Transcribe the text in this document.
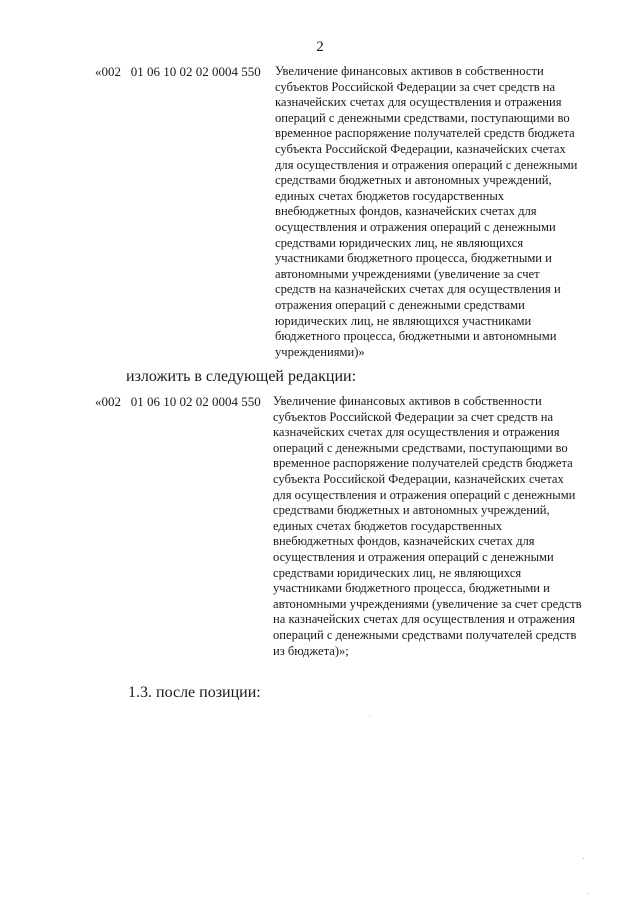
2
«002   01 06 10 02 02 0004 550 Увеличение финансовых активов в собственности
субъектов Российской Федерации за счет средств на
казначейских счетах для осуществления и отражения
операций с денежными средствами, поступающими во
временное распоряжение получателей средств бюджета
субъекта Российской Федерации, казначейских счетах
для осуществления и отражения операций с денежными
средствами бюджетных и автономных учреждений,
единых счетах бюджетов государственных
внебюджетных фондов, казначейских счетах для
осуществления и отражения операций с денежными
средствами юридических лиц, не являющихся
участниками бюджетного процесса, бюджетными и
автономными учреждениями (увеличение за счет
средств на казначейских счетах для осуществления и
отражения операций с денежными средствами
юридических лиц, не являющихся участниками
бюджетного процесса, бюджетными и автономными
учреждениями)»
изложить в следующей редакции:
«002   01 06 10 02 02 0004 550 Увеличение финансовых активов в собственности
субъектов Российской Федерации за счет средств на
казначейских счетах для осуществления и отражения
операций с денежными средствами, поступающими во
временное распоряжение получателей средств бюджета
субъекта Российской Федерации, казначейских счетах
для осуществления и отражения операций с денежными
средствами бюджетных и автономных учреждений,
единых счетах бюджетов государственных
внебюджетных фондов, казначейских счетах для
осуществления и отражения операций с денежными
средствами юридических лиц, не являющихся
участниками бюджетного процесса, бюджетными и
автономными учреждениями (увеличение за счет средств
на казначейских счетах для осуществления и отражения
операций с денежными средствами получателей средств
из бюджета)»;
1.3. после позиции:
